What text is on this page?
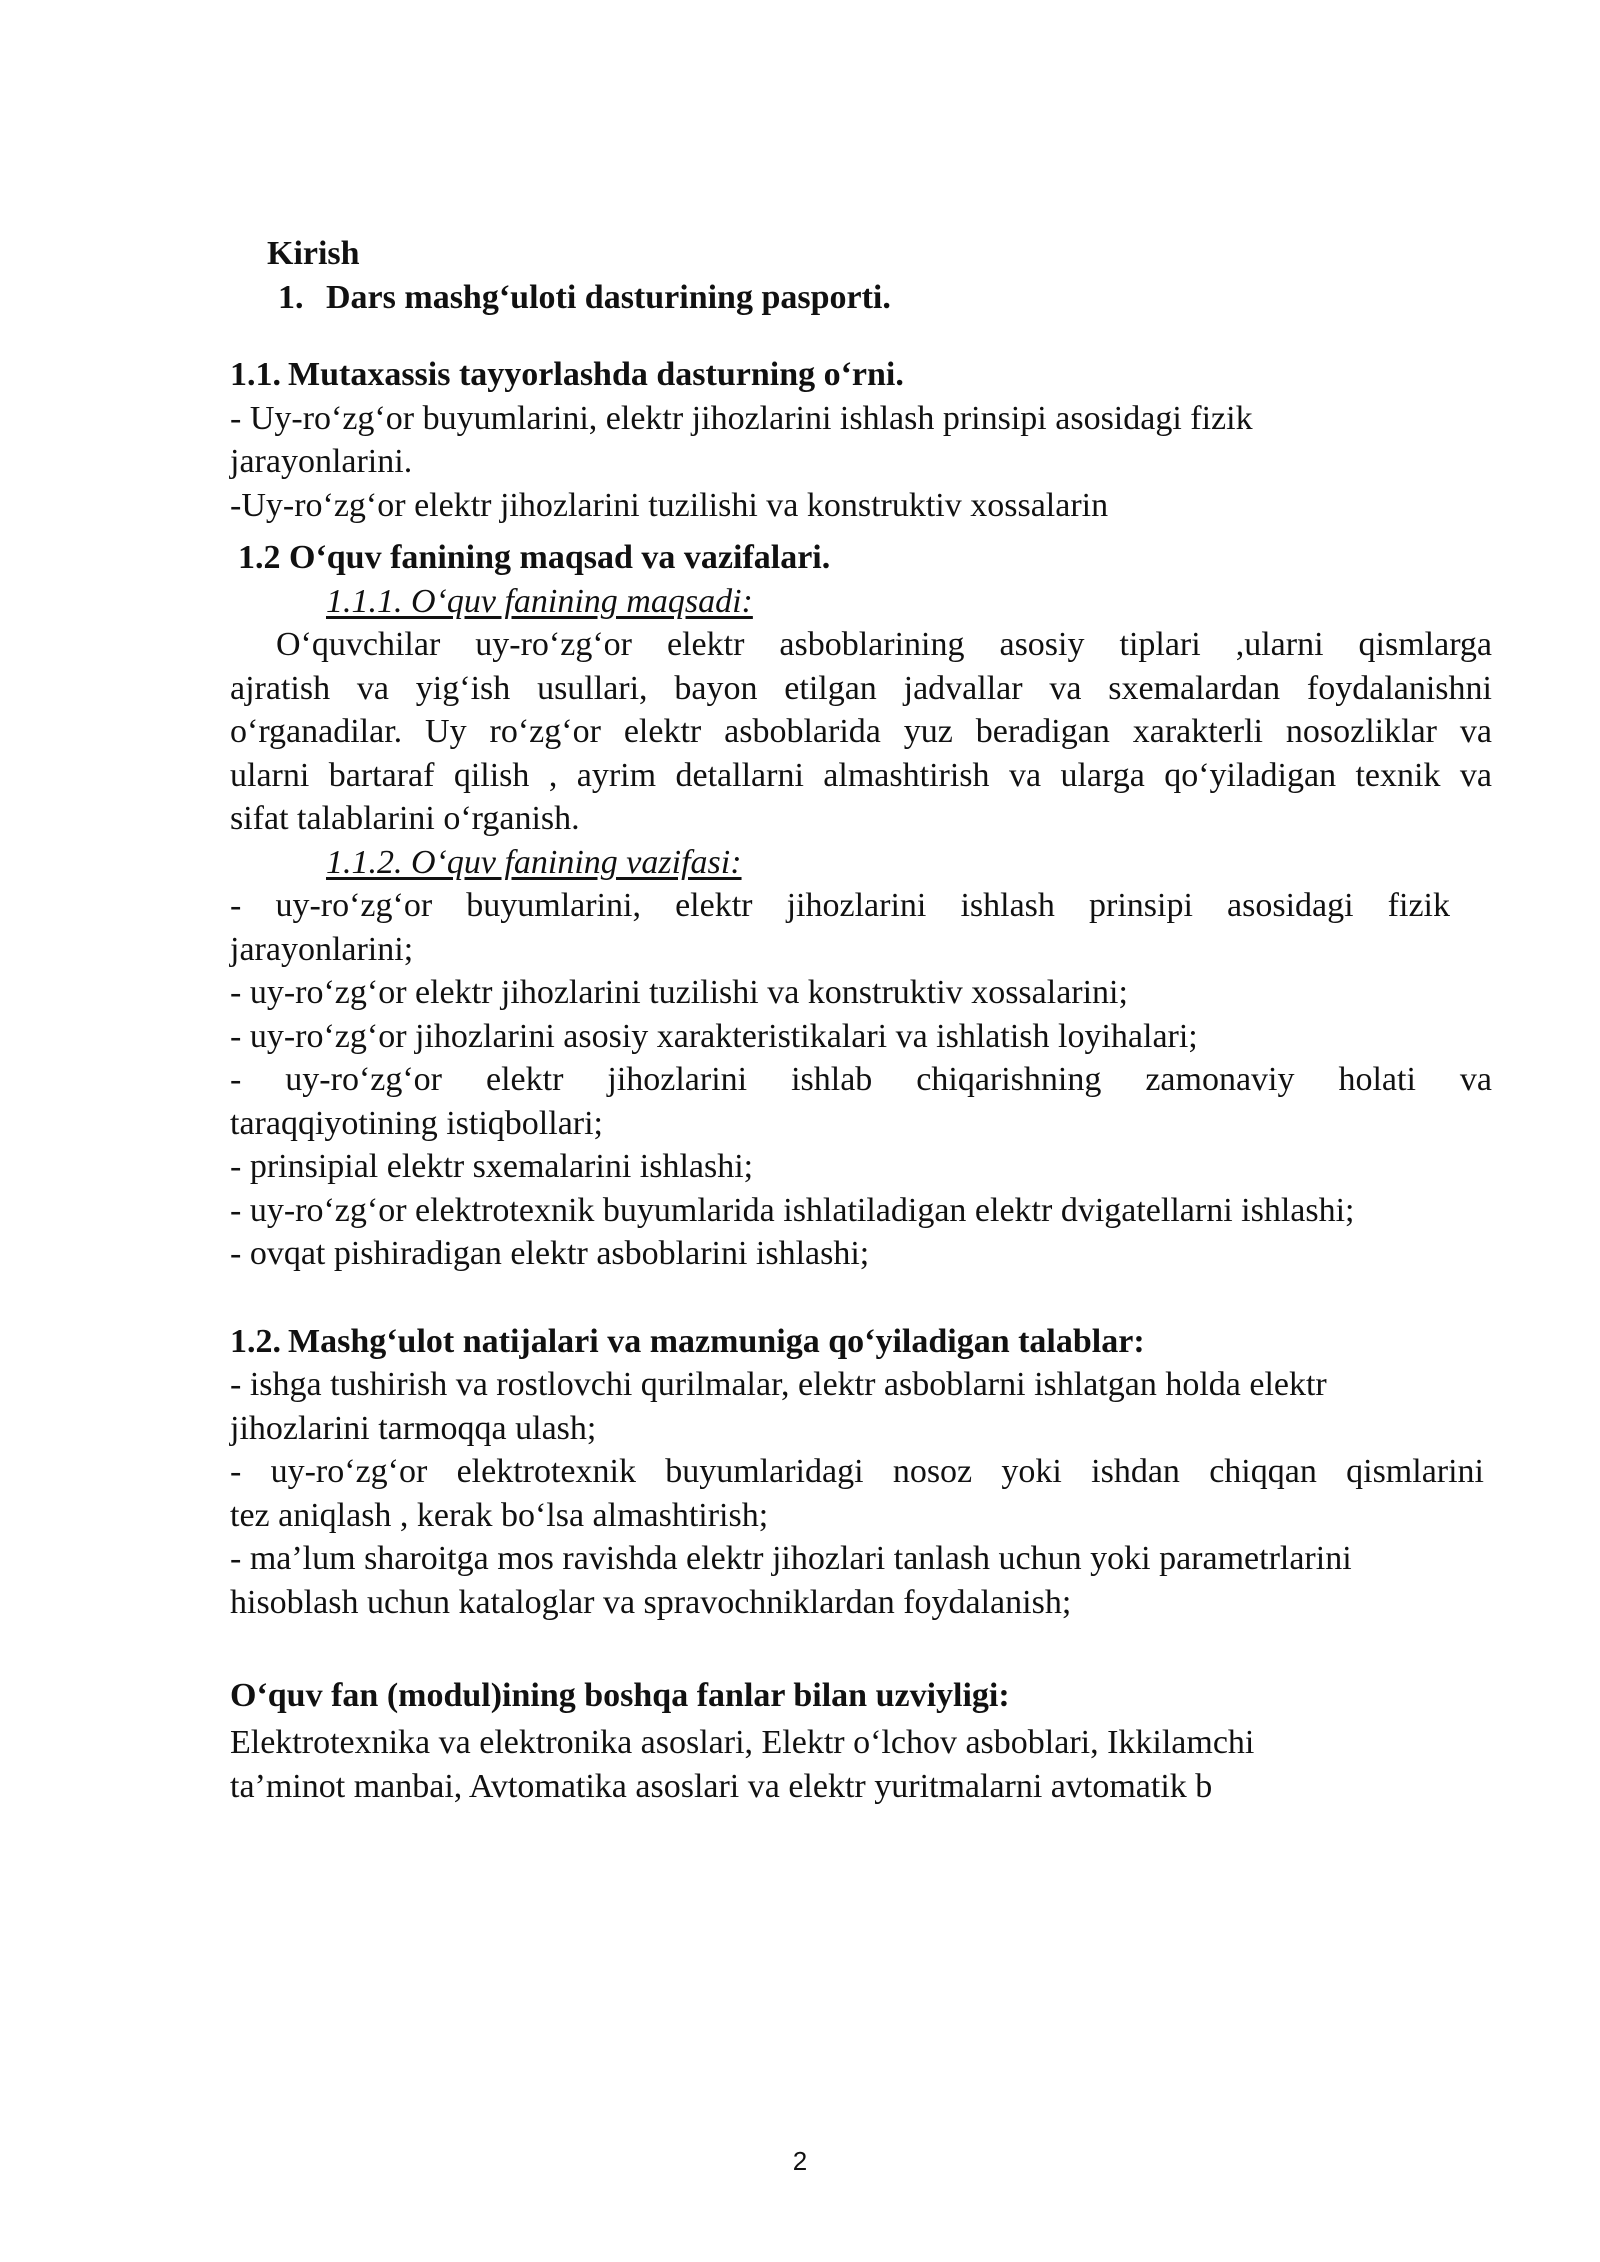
Kirish
1. Dars mashg‘uloti dasturining pasporti.
1.1. Mutaxassis tayyorlashda dasturning o‘rni.
- Uy-ro‘zg‘or buyumlarini, elektr jihozlarini ishlash prinsipi asosidagi fizik
jarayonlarini.
-Uy-ro‘zg‘or elektr jihozlarini tuzilishi va konstruktiv xossalarin
1.2 O‘quv fanining maqsad va vazifalari.
1.1.1. O‘quv fanining maqsadi:
O‘quvchilar uy-ro‘zg‘or elektr asboblarining asosiy tiplari ,ularni qismlarga
ajratish va yig‘ish usullari, bayon etilgan jadvallar va sxemalardan foydalanishni
o‘rganadilar. Uy ro‘zg‘or elektr asboblarida yuz beradigan xarakterli nosozliklar va
ularni bartaraf qilish , ayrim detallarni almashtirish va ularga qo‘yiladigan texnik va
sifat talablarini o‘rganish.
1.1.2. O‘quv fanining vazifasi:
- uy-ro‘zg‘or buyumlarini, elektr jihozlarini ishlash prinsipi asosidagi fizik
jarayonlarini;
- uy-ro‘zg‘or elektr jihozlarini tuzilishi va konstruktiv xossalarini;
- uy-ro‘zg‘or jihozlarini asosiy xarakteristikalari va ishlatish loyihalari;
- uy-ro‘zg‘or elektr jihozlarini ishlab chiqarishning zamonaviy holati va
taraqqiyotining istiqbollari;
- prinsipial elektr sxemalarini ishlashi;
- uy-ro‘zg‘or elektrotexnik buyumlarida ishlatiladigan elektr dvigatellarni ishlashi;
- ovqat pishiradigan elektr asboblarini ishlashi;
1.2. Mashg‘ulot natijalari va mazmuniga qo‘yiladigan talablar:
- ishga tushirish va rostlovchi qurilmalar, elektr asboblarni ishlatgan holda elektr
jihozlarini tarmoqqa ulash;
- uy-ro‘zg‘or elektrotexnik buyumlaridagi nosoz yoki ishdan chiqqan qismlarini
tez aniqlash , kerak bo‘lsa almashtirish;
- ma’lum sharoitga mos ravishda elektr jihozlari tanlash uchun yoki parametrlarini
hisoblash uchun kataloglar va spravochniklardan foydalanish;
O‘quv fan (modul)ining boshqa fanlar bilan uzviyligi:
Elektrotexnika va elektronika asoslari, Elektr o‘lchov asboblari, Ikkilamchi
ta’minot manbai, Avtomatika asoslari va elektr yuritmalarni avtomatik b
2
